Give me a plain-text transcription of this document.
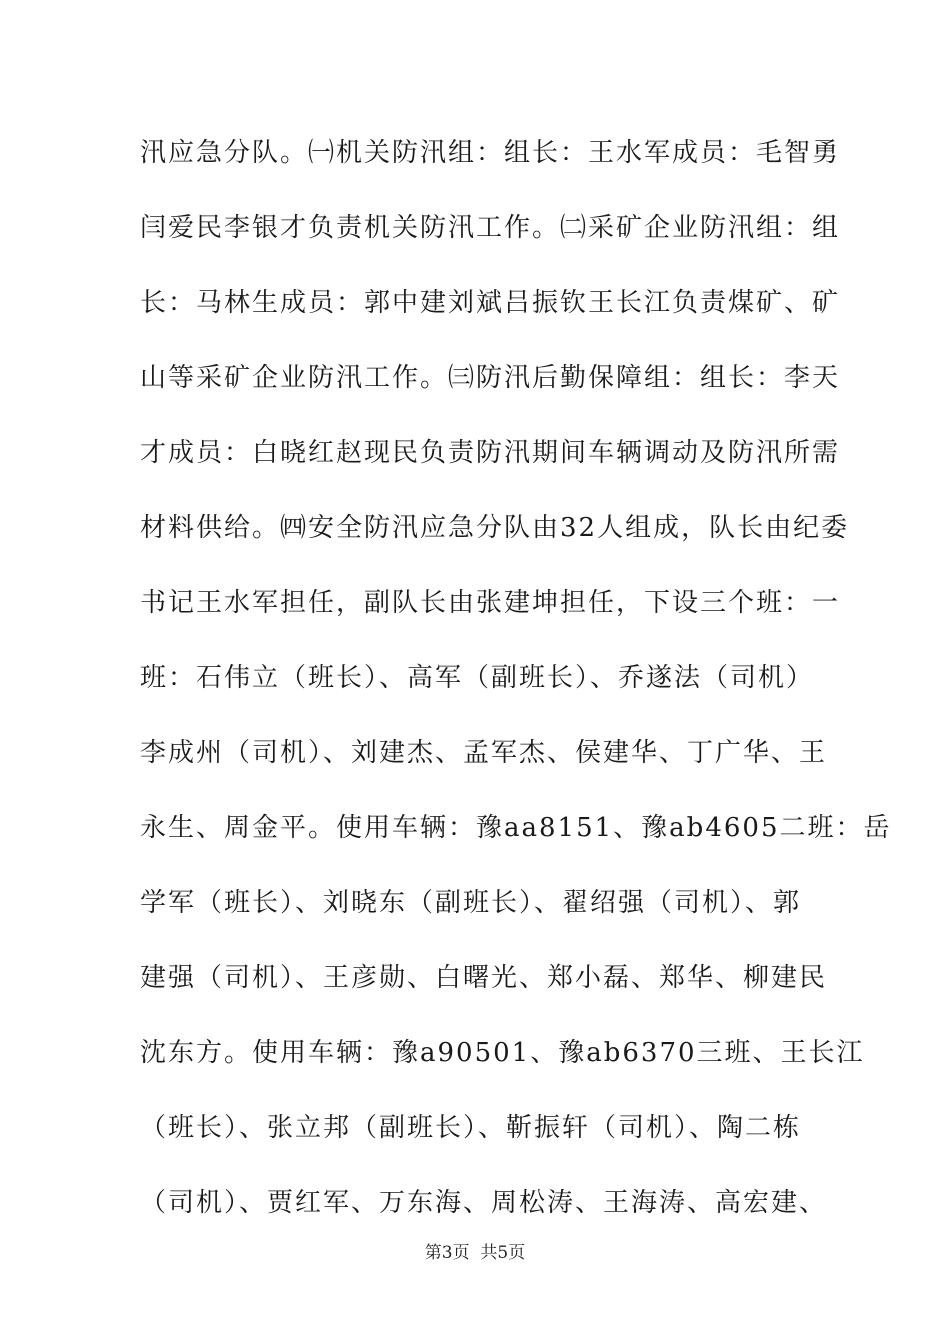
汛应急分队。㈠机关防汛组：组长：王水军成员：毛智勇
闫爱民李银才负责机关防汛工作。㈡采矿企业防汛组：组
长：马林生成员：郭中建刘斌吕振钦王长江负责煤矿、矿
山等采矿企业防汛工作。㈢防汛后勤保障组：组长：李天
才成员：白晓红赵现民负责防汛期间车辆调动及防汛所需
材料供给。㈣安全防汛应急分队由32人组成，队长由纪委
书记王水军担任，副队长由张建坤担任，下设三个班：一
班：石伟立（班长）、高军（副班长）、乔遂法（司机）
李成州（司机）、刘建杰、孟军杰、侯建华、丁广华、王
永生、周金平。使用车辆：豫aa8151、豫ab4605二班：岳
学军（班长）、刘晓东（副班长）、翟绍强（司机）、郭
建强（司机）、王彦勋、白曙光、郑小磊、郑华、柳建民
沈东方。使用车辆：豫a90501、豫ab6370三班、王长江
（班长）、张立邦（副班长）、靳振轩（司机）、陶二栋
（司机）、贾红军、万东海、周松涛、王海涛、高宏建、
第3页 共5页
